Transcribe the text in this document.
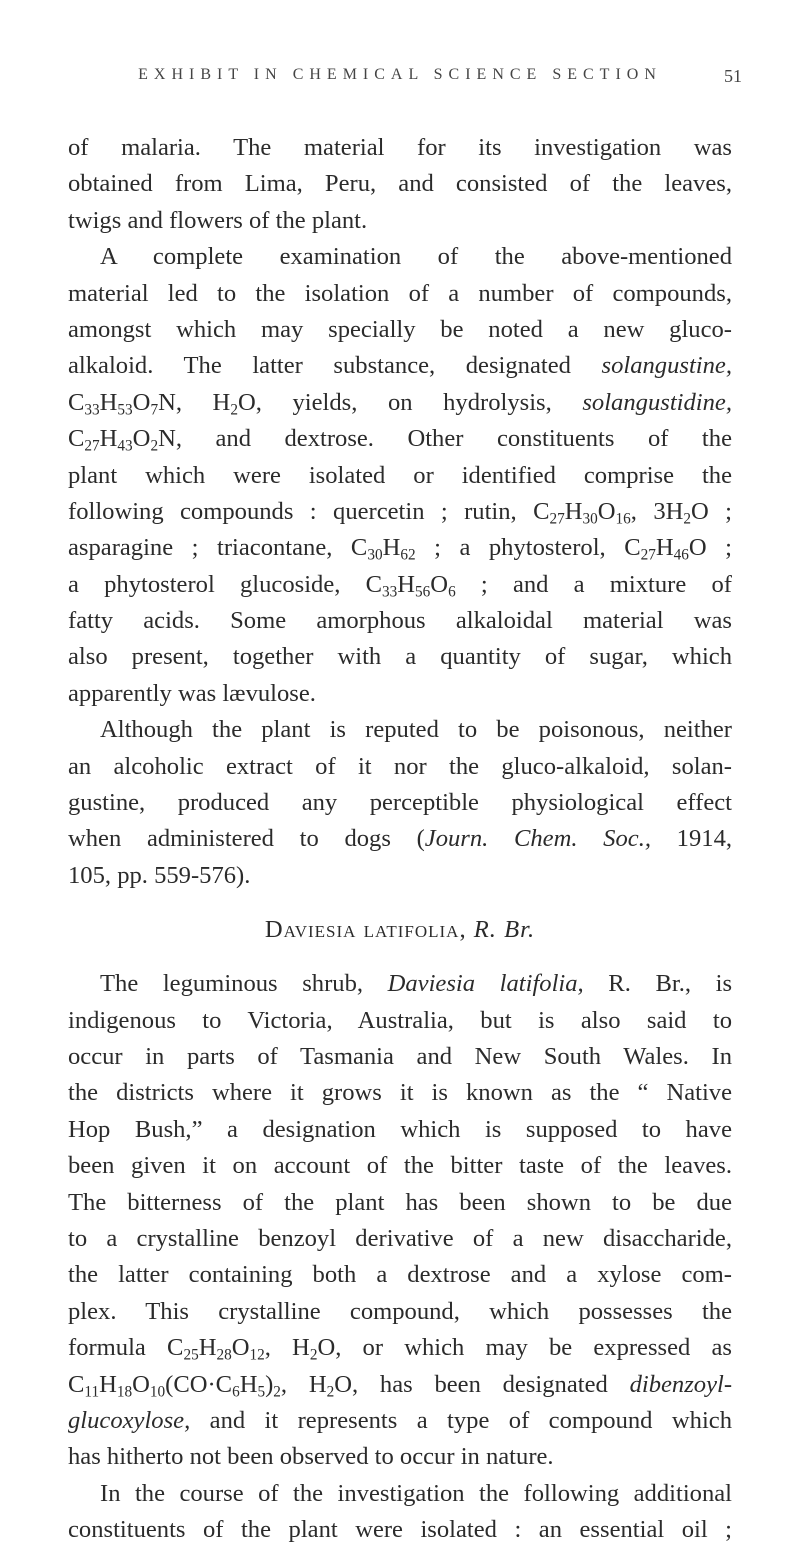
EXHIBIT IN CHEMICAL SCIENCE SECTION	51
of malaria. The material for its investigation was
obtained from Lima, Peru, and consisted of the leaves,
twigs and flowers of the plant.
A complete examination of the above-mentioned
material led to the isolation of a number of compounds,
amongst which may specially be noted a new gluco-
alkaloid. The latter substance, designated solangustine,
$C_{33}H_{53}O_7N$, $H_2O$, yields, on hydrolysis, solangustidine,
$C_{27}H_{43}O_2N$, and dextrose. Other constituents of the
plant which were isolated or identified comprise the
following compounds : quercetin ; rutin, $C_{27}H_{30}O_{16}$, $3H_2O$ ;
asparagine ; triacontane, $C_{30}H_{62}$ ; a phytosterol, $C_{27}H_{46}O$ ;
a phytosterol glucoside, $C_{33}H_{56}O_6$ ; and a mixture of
fatty acids. Some amorphous alkaloidal material was
also present, together with a quantity of sugar, which
apparently was lævulose.
Although the plant is reputed to be poisonous, neither
an alcoholic extract of it nor the gluco-alkaloid, solan-
gustine, produced any perceptible physiological effect
when administered to dogs (Journ. Chem. Soc., 1914,
105, pp. 559-576).
Daviesia latifolia, R. Br.
The leguminous shrub, Daviesia latifolia, R. Br., is
indigenous to Victoria, Australia, but is also said to
occur in parts of Tasmania and New South Wales. In
the districts where it grows it is known as the “ Native
Hop Bush,” a designation which is supposed to have
been given it on account of the bitter taste of the leaves.
The bitterness of the plant has been shown to be due
to a crystalline benzoyl derivative of a new disaccharide,
the latter containing both a dextrose and a xylose com-
plex. This crystalline compound, which possesses the
formula $C_{25}H_{28}O_{12}$, $H_2O$, or which may be expressed as
$C_{11}H_{18}O_{10}(CO\cdot C_6H_5)_2$, $H_2O$, has been designated dibenzoyl-
glucoxylose, and it represents a type of compound which
has hitherto not been observed to occur in nature.
In the course of the investigation the following additional
constituents of the plant were isolated : an essential oil ;
